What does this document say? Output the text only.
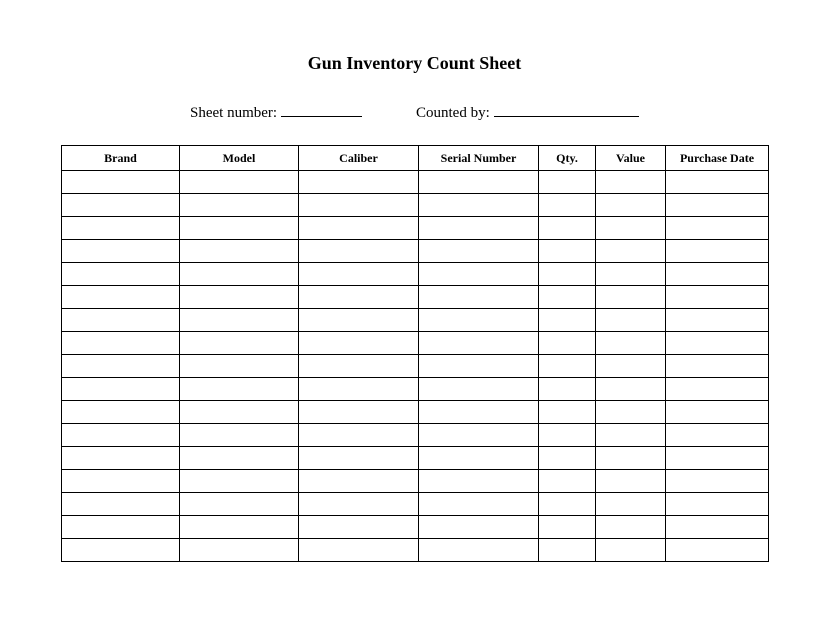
Gun Inventory Count Sheet
Sheet number:	Counted by:
Brand	Model	Caliber	Serial Number	Qty.	Value	Purchase Date
